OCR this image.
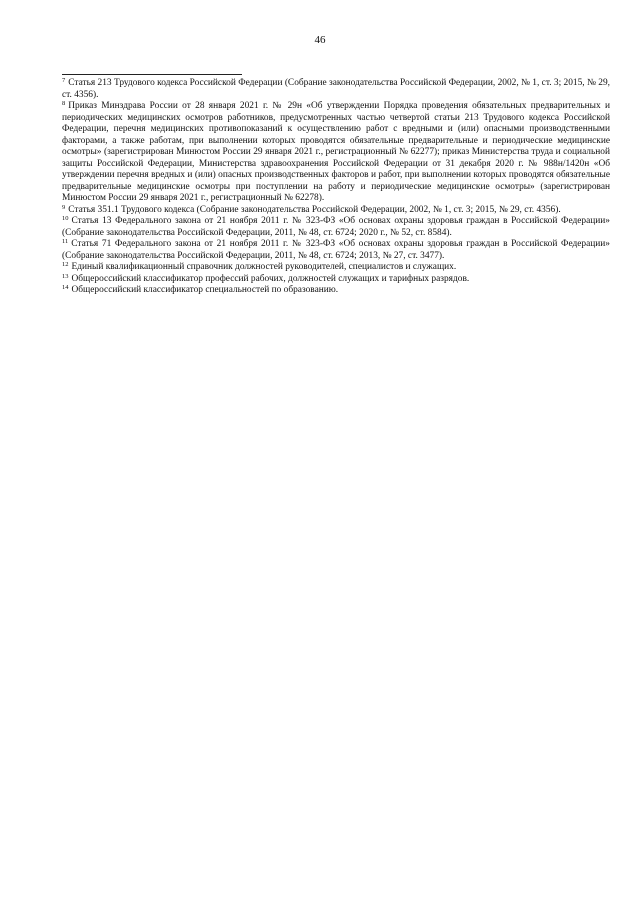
46

$^7$ Статья 213 Трудового кодекса Российской Федерации (Собрание законодательства Российской Федерации, 2002, № 1, ст. 3; 2015, № 29, ст. 4356).

$^8$ Приказ Минздрава России от 28 января 2021 г. № 29н «Об утверждении Порядка проведения обязательных предварительных и периодических медицинских осмотров работников, предусмотренных частью четвертой статьи 213 Трудового кодекса Российской Федерации, перечня медицинских противопоказаний к осуществлению работ с вредными и (или) опасными производственными факторами, а также работам, при выполнении которых проводятся обязательные предварительные и периодические медицинские осмотры» (зарегистрирован Минюстом России 29 января 2021 г., регистрационный № 62277); приказ Министерства труда и социальной защиты Российской Федерации, Министерства здравоохранения Российской Федерации от 31 декабря 2020 г. № 988н/1420н «Об утверждении перечня вредных и (или) опасных производственных факторов и работ, при выполнении которых проводятся обязательные предварительные медицинские осмотры при поступлении на работу и периодические медицинские осмотры» (зарегистрирован Минюстом России 29 января 2021 г., регистрационный № 62278).

$^9$ Статья 351.1 Трудового кодекса (Собрание законодательства Российской Федерации, 2002, № 1, ст. 3; 2015, № 29, ст. 4356).

$^{10}$ Статья 13 Федерального закона от 21 ноября 2011 г. № 323-ФЗ «Об основах охраны здоровья граждан в Российской Федерации» (Собрание законодательства Российской Федерации, 2011, № 48, ст. 6724; 2020 г., № 52, ст. 8584).

$^{11}$ Статья 71 Федерального закона от 21 ноября 2011 г. № 323-ФЗ «Об основах охраны здоровья граждан в Российской Федерации» (Собрание законодательства Российской Федерации, 2011, № 48, ст. 6724; 2013, № 27, ст. 3477).

$^{12}$ Единый квалификационный справочник должностей руководителей, специалистов и служащих.

$^{13}$ Общероссийский классификатор профессий рабочих, должностей служащих и тарифных разрядов.

$^{14}$ Общероссийский классификатор специальностей по образованию.
